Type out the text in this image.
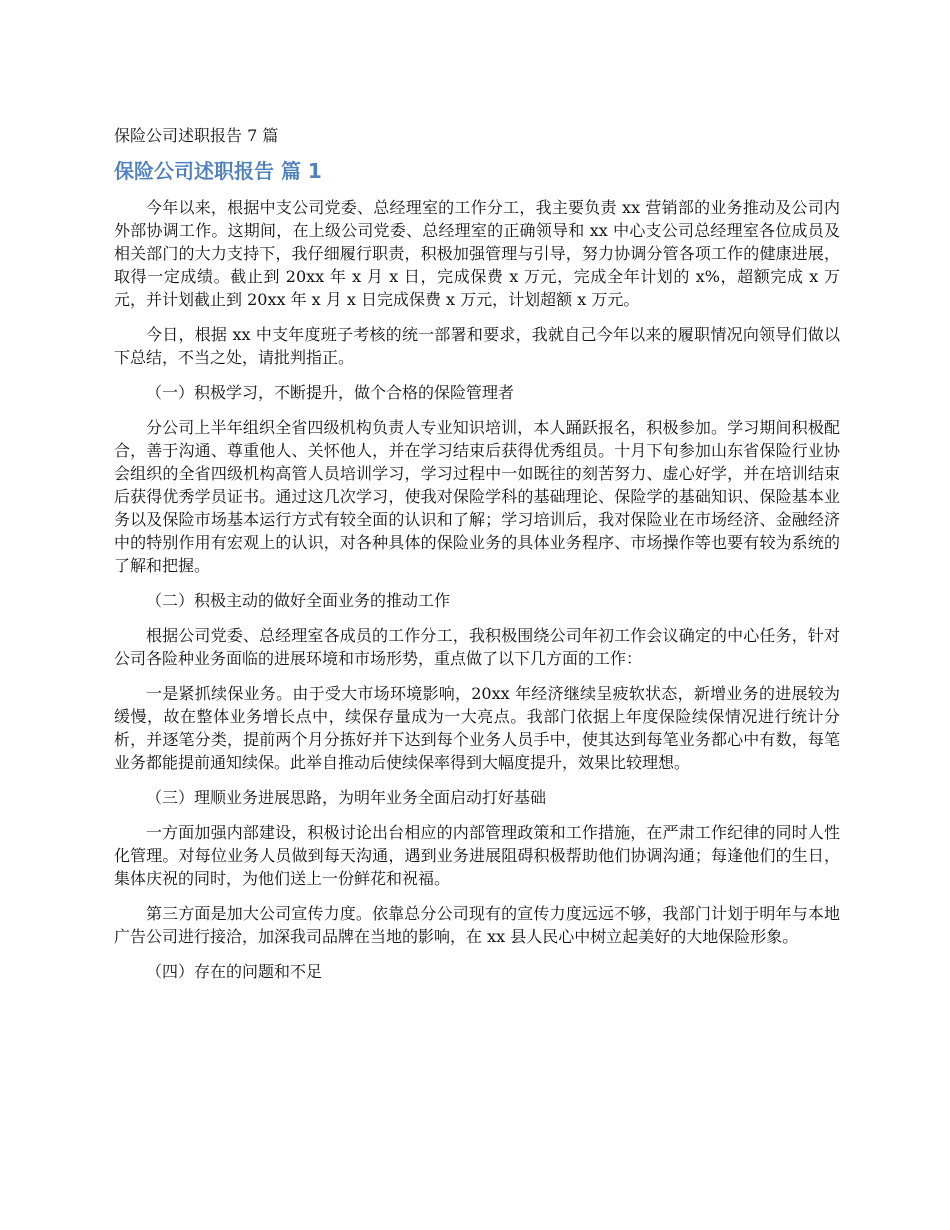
保险公司述职报告 7 篇
保险公司述职报告 篇 1

今年以来，根据中支公司党委、总经理室的工作分工，我主要负责 xx 营销部的业务推动及公司内外部协调工作。这期间，在上级公司党委、总经理室的正确领导和 xx 中心支公司总经理室各位成员及相关部门的大力支持下，我仔细履行职责，积极加强管理与引导，努力协调分管各项工作的健康进展，取得一定成绩。截止到 20xx 年 x 月 x 日，完成保费 x 万元，完成全年计划的 x%，超额完成 x 万元，并计划截止到 20xx 年 x 月 x 日完成保费 x 万元，计划超额 x 万元。

今日，根据 xx 中支年度班子考核的统一部署和要求，我就自己今年以来的履职情况向领导们做以下总结，不当之处，请批判指正。

（一）积极学习，不断提升，做个合格的保险管理者

分公司上半年组织全省四级机构负责人专业知识培训，本人踊跃报名，积极参加。学习期间积极配合，善于沟通、尊重他人、关怀他人，并在学习结束后获得优秀组员。十月下旬参加山东省保险行业协会组织的全省四级机构高管人员培训学习，学习过程中一如既往的刻苦努力、虚心好学，并在培训结束后获得优秀学员证书。通过这几次学习，使我对保险学科的基础理论、保险学的基础知识、保险基本业务以及保险市场基本运行方式有较全面的认识和了解；学习培训后，我对保险业在市场经济、金融经济中的特别作用有宏观上的认识，对各种具体的保险业务的具体业务程序、市场操作等也要有较为系统的了解和把握。

（二）积极主动的做好全面业务的推动工作

根据公司党委、总经理室各成员的工作分工，我积极围绕公司年初工作会议确定的中心任务，针对公司各险种业务面临的进展环境和市场形势，重点做了以下几方面的工作：

一是紧抓续保业务。由于受大市场环境影响，20xx 年经济继续呈疲软状态，新增业务的进展较为缓慢，故在整体业务增长点中，续保存量成为一大亮点。我部门依据上年度保险续保情况进行统计分析，并逐笔分类，提前两个月分拣好并下达到每个业务人员手中，使其达到每笔业务都心中有数，每笔业务都能提前通知续保。此举自推动后使续保率得到大幅度提升，效果比较理想。

（三）理顺业务进展思路，为明年业务全面启动打好基础

一方面加强内部建设，积极讨论出台相应的内部管理政策和工作措施，在严肃工作纪律的同时人性化管理。对每位业务人员做到每天沟通，遇到业务进展阻碍积极帮助他们协调沟通；每逢他们的生日，集体庆祝的同时，为他们送上一份鲜花和祝福。

第三方面是加大公司宣传力度。依靠总分公司现有的宣传力度远远不够，我部门计划于明年与本地广告公司进行接洽，加深我司品牌在当地的影响，在 xx 县人民心中树立起美好的大地保险形象。

（四）存在的问题和不足
